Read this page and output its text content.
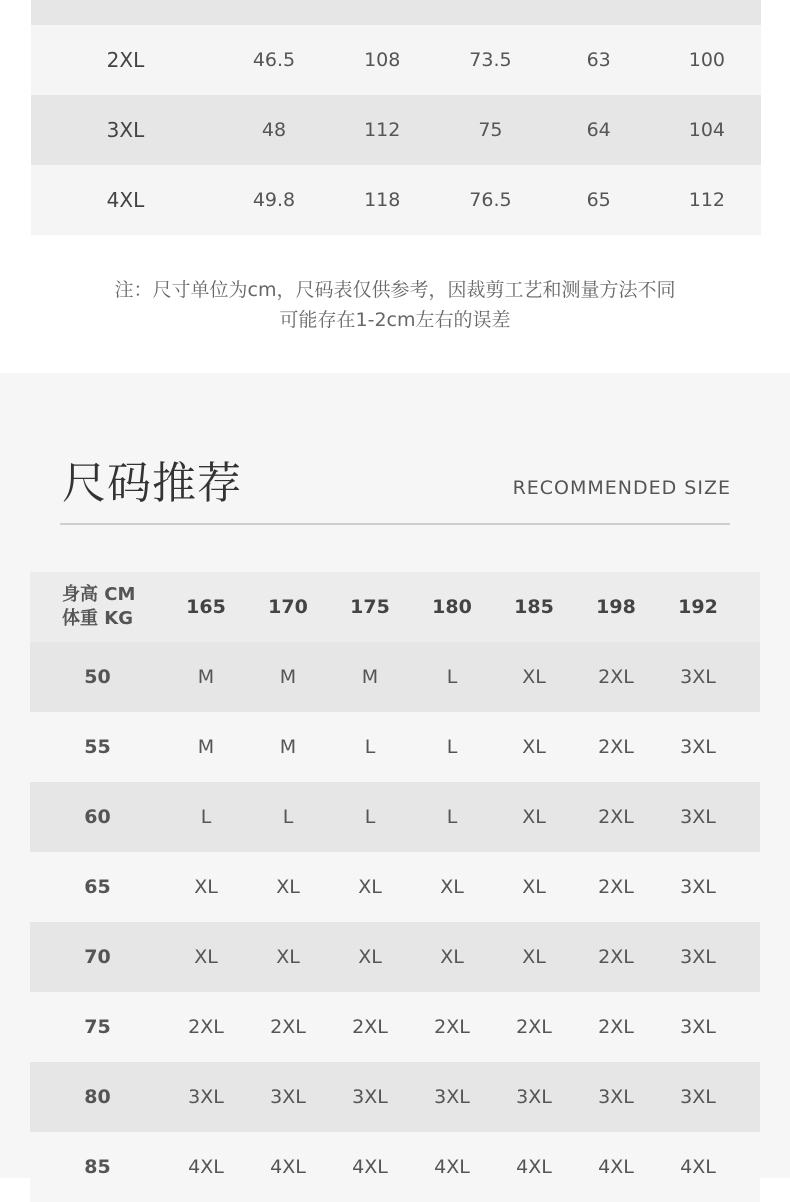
2XL	46.5	108	73.5	63	100
3XL	48	112	75	64	104
4XL	49.8	118	76.5	65	112
注：尺寸单位为cm，尺码表仅供参考，因裁剪工艺和测量方法不同
可能存在1-2cm左右的误差
尺码推荐	RECOMMENDED SIZE
身高 CM
体重 KG
165	170	175	180	185	198	192
50	M	M	M	L	XL	2XL	3XL
55	M	M	L	L	XL	2XL	3XL
60	L	L	L	L	XL	2XL	3XL
65	XL	XL	XL	XL	XL	2XL	3XL
70	XL	XL	XL	XL	XL	2XL	3XL
75	2XL	2XL	2XL	2XL	2XL	2XL	3XL
80	3XL	3XL	3XL	3XL	3XL	3XL	3XL
85	4XL	4XL	4XL	4XL	4XL	4XL	4XL
